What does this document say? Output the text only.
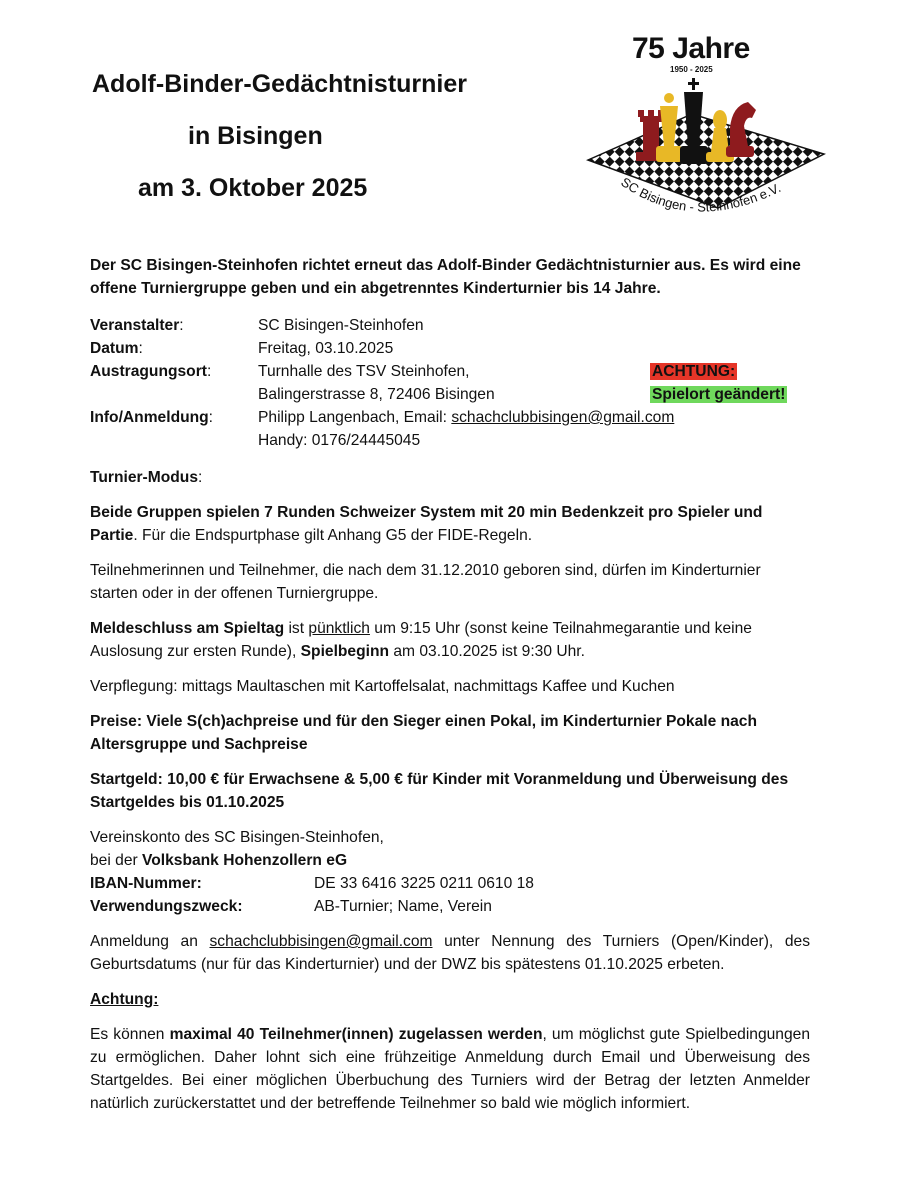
Adolf-Binder-Gedächtnisturnier
in Bisingen
am 3. Oktober 2025
75 Jahre
1950 - 2025
SC Bisingen - Steinhofen e.V.
Der SC Bisingen-Steinhofen richtet erneut das Adolf-Binder Gedächtnisturnier aus. Es wird eine offene Turniergruppe geben und ein abgetrenntes Kinderturnier bis 14 Jahre.
Veranstalter:	SC Bisingen-Steinhofen
Datum:	Freitag, 03.10.2025
Austragungsort:	Turnhalle des TSV Steinhofen,	ACHTUNG:
Balingerstrasse 8, 72406 Bisingen	Spielort geändert!
Info/Anmeldung:	Philipp Langenbach, Email: schachclubbisingen@gmail.com
Handy: 0176/24445045
Turnier-Modus:
Beide Gruppen spielen 7 Runden Schweizer System mit 20 min Bedenkzeit pro Spieler und Partie. Für die Endspurtphase gilt Anhang G5 der FIDE-Regeln.
Teilnehmerinnen und Teilnehmer, die nach dem 31.12.2010 geboren sind, dürfen im Kinderturnier starten oder in der offenen Turniergruppe.
Meldeschluss am Spieltag ist pünktlich um 9:15 Uhr (sonst keine Teilnahmegarantie und keine Auslosung zur ersten Runde), Spielbeginn am 03.10.2025 ist 9:30 Uhr.
Verpflegung: mittags Maultaschen mit Kartoffelsalat, nachmittags Kaffee und Kuchen
Preise: Viele S(ch)achpreise und für den Sieger einen Pokal, im Kinderturnier Pokale nach Altersgruppe und Sachpreise
Startgeld: 10,00 € für Erwachsene & 5,00 € für Kinder mit Voranmeldung und Überweisung des Startgeldes bis 01.10.2025
Vereinskonto des SC Bisingen-Steinhofen,
bei der Volksbank Hohenzollern eG
IBAN-Nummer:	DE 33 6416 3225 0211 0610 18
Verwendungszweck:	AB-Turnier; Name, Verein
Anmeldung an schachclubbisingen@gmail.com unter Nennung des Turniers (Open/Kinder), des Geburtsdatums (nur für das Kinderturnier) und der DWZ bis spätestens 01.10.2025 erbeten.
Achtung:
Es können maximal 40 Teilnehmer(innen) zugelassen werden, um möglichst gute Spielbedingungen zu ermöglichen. Daher lohnt sich eine frühzeitige Anmeldung durch Email und Überweisung des Startgeldes. Bei einer möglichen Überbuchung des Turniers wird der Betrag der letzten Anmelder natürlich zurückerstattet und der betreffende Teilnehmer so bald wie möglich informiert.
